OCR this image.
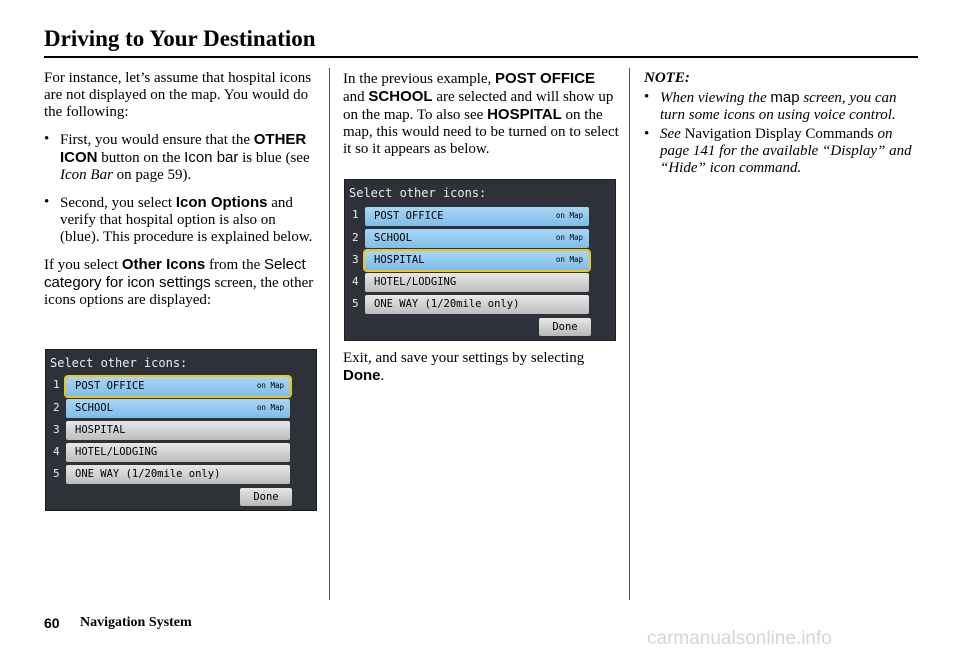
Driving to Your Destination

For instance, let’s assume that hospital icons are not displayed on the map. You would do the following:

• First, you would ensure that the OTHER ICON button on the Icon bar is blue (see Icon Bar on page 59).
• Second, you select Icon Options and verify that hospital option is also on (blue). This procedure is explained below.

If you select Other Icons from the Select category for icon settings screen, the other icons options are displayed:

Select other icons:
1 POST OFFICE	on Map
2 SCHOOL	on Map
3 HOSPITAL
4 HOTEL/LODGING
5 ONE WAY (1/20mile only)
Done

In the previous example, POST OFFICE and SCHOOL are selected and will show up on the map. To also see HOSPITAL on the map, this would need to be turned on to select it so it appears as below.

Select other icons:
1 POST OFFICE	on Map
2 SCHOOL	on Map
3 HOSPITAL	on Map
4 HOTEL/LODGING
5 ONE WAY (1/20mile only)
Done

Exit, and save your settings by selecting Done.

NOTE:
• When viewing the map screen, you can turn some icons on using voice control.
• See Navigation Display Commands on page 141 for the available “Display” and “Hide” icon command.
60 Navigation System
carmanualsonline.info
